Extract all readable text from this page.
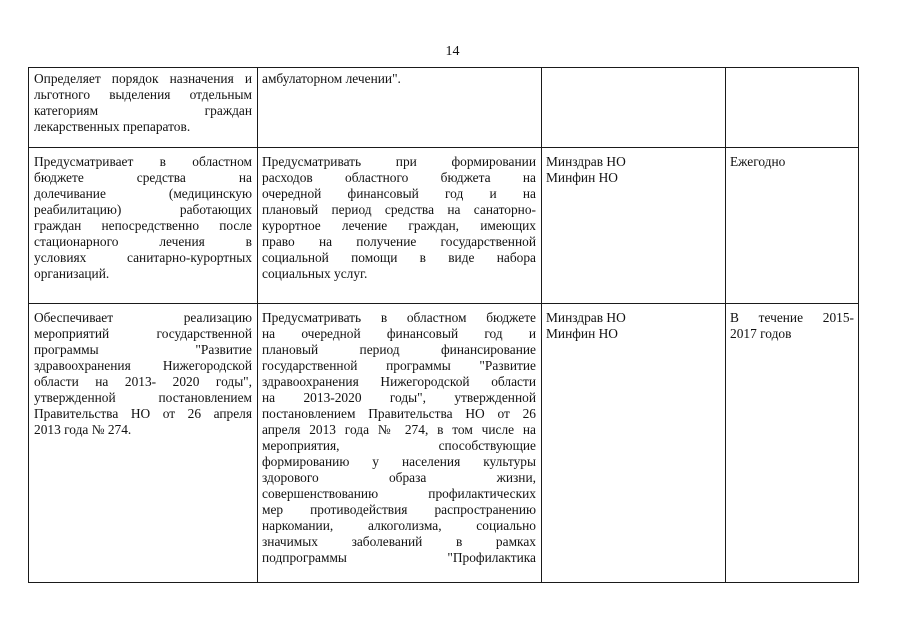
14

Определяет порядок назначения и

льготного выделения отдельным

категориям граждан

лекарственных препаратов.

амбулаторном лечении".

Предусматривает в областном

бюджете средства на

долечивание (медицинскую

реабилитацию) работающих

граждан непосредственно после

стационарного лечения в

условиях санитарно-курортных

организаций.

Предусматривать при формировании

расходов областного бюджета на

очередной финансовый год и на

плановый период средства на санаторно-

курортное лечение граждан, имеющих

право на получение государственной

социальной помощи в виде набора

социальных услуг.

Минздрав НО

Минфин НО

Ежегодно

Обеспечивает реализацию

мероприятий государственной

программы "Развитие

здравоохранения Нижегородской

области на 2013- 2020 годы",

утвержденной постановлением

Правительства НО от 26 апреля

2013 года № 274.

Предусматривать в областном бюджете

на очередной финансовый год и

плановый период финансирование

государственной программы "Развитие

здравоохранения Нижегородской области

на 2013-2020 годы", утвержденной

постановлением Правительства НО от 26

апреля 2013 года № 274, в том числе на

мероприятия, способствующие

формированию у населения культуры

здорового образа жизни,

совершенствованию профилактических

мер противодействия распространению

наркомании, алкоголизма, социально

значимых заболеваний в рамках

подпрограммы "Профилактика

Минздрав НО

Минфин НО

В течение 2015-

2017 годов
